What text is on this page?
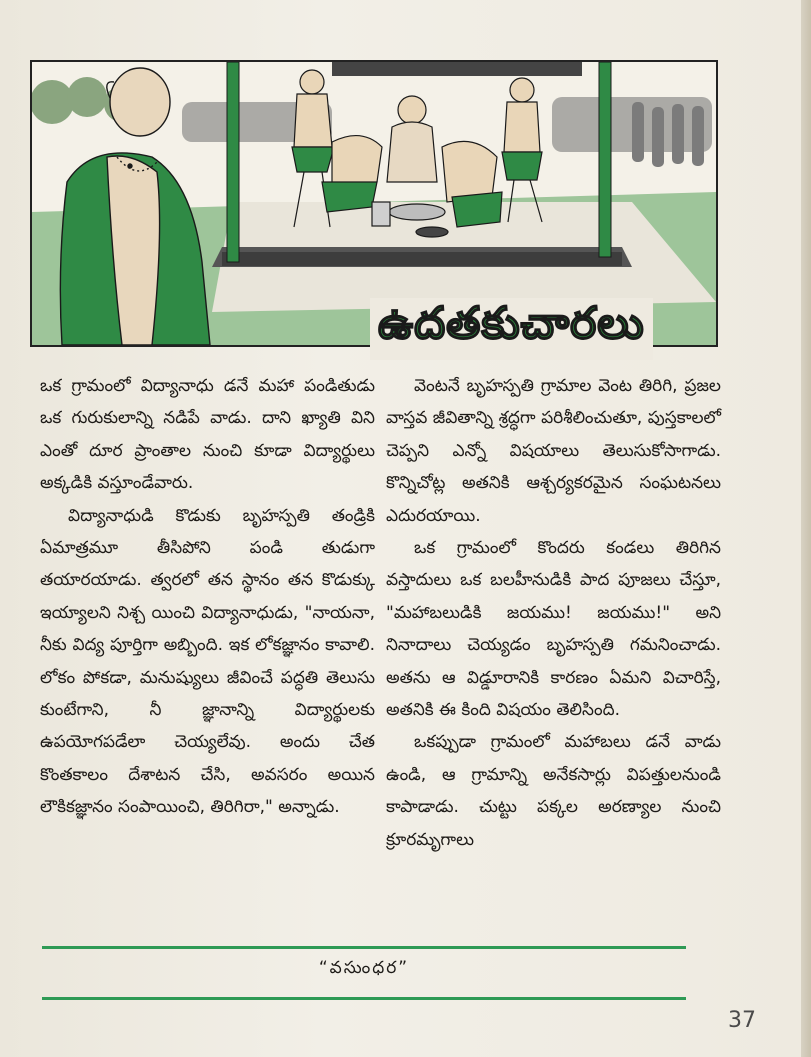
ఉదతకుచారలు

ఒక గ్రామంలో విద్యానాధు డనే మహా పండితుడు ఒక గురుకులాన్ని నడిపే వాడు. దాని ఖ్యాతి విని ఎంతో దూర ప్రాంతాల నుంచి కూడా విద్యార్థులు అక్కడికి వస్తూండేవారు.

విద్యానాధుడి కొడుకు బృహస్పతి తండ్రికి ఏమాత్రమూ తీసిపోని పండి తుడుగా తయారయాడు. త్వరలో తన స్థానం తన కొడుక్కు ఇయ్యాలని నిశ్చ యించి విద్యానాధుడు, "నాయనా, నీకు విద్య పూర్తిగా అబ్బింది. ఇక లోకజ్ఞానం కావాలి. లోకం పోకడా, మనుష్యులు జీవించే పద్ధతి తెలుసు కుంటేగాని, నీ జ్ఞానాన్ని విద్యార్థులకు ఉపయోగపడేలా చెయ్యలేవు. అందు చేత కొంతకాలం దేశాటన చేసి, అవసరం అయిన లౌకికజ్ఞానం సంపాయించి, తిరిగిరా," అన్నాడు.

వెంటనే బృహస్పతి గ్రామాల వెంట తిరిగి, ప్రజల వాస్తవ జీవితాన్ని శ్రద్ధగా పరిశీలించుతూ, పుస్తకాలలో చెప్పని ఎన్నో విషయాలు తెలుసుకోసాగాడు. కొన్నిచోట్ల అతనికి ఆశ్చర్యకరమైన సంఘటనలు ఎదురయాయి.

ఒక గ్రామంలో కొందరు కండలు తిరిగిన వస్తాదులు ఒక బలహీనుడికి పాద పూజలు చేస్తూ, "మహాబలుడికి జయము! జయము!" అని నినాదాలు చెయ్యడం బృహస్పతి గమనించాడు. అతను ఆ విడ్డూరానికి కారణం ఏమని విచారిస్తే, అతనికి ఈ కింది విషయం తెలిసింది.

ఒకప్పుడా గ్రామంలో మహాబలు డనే వాడు ఉండి, ఆ గ్రామాన్ని అనేకసార్లు విపత్తులనుండి కాపాడాడు. చుట్టు పక్కల అరణ్యాల నుంచి క్రూరమృగాలు

“వసుంధర”
37
